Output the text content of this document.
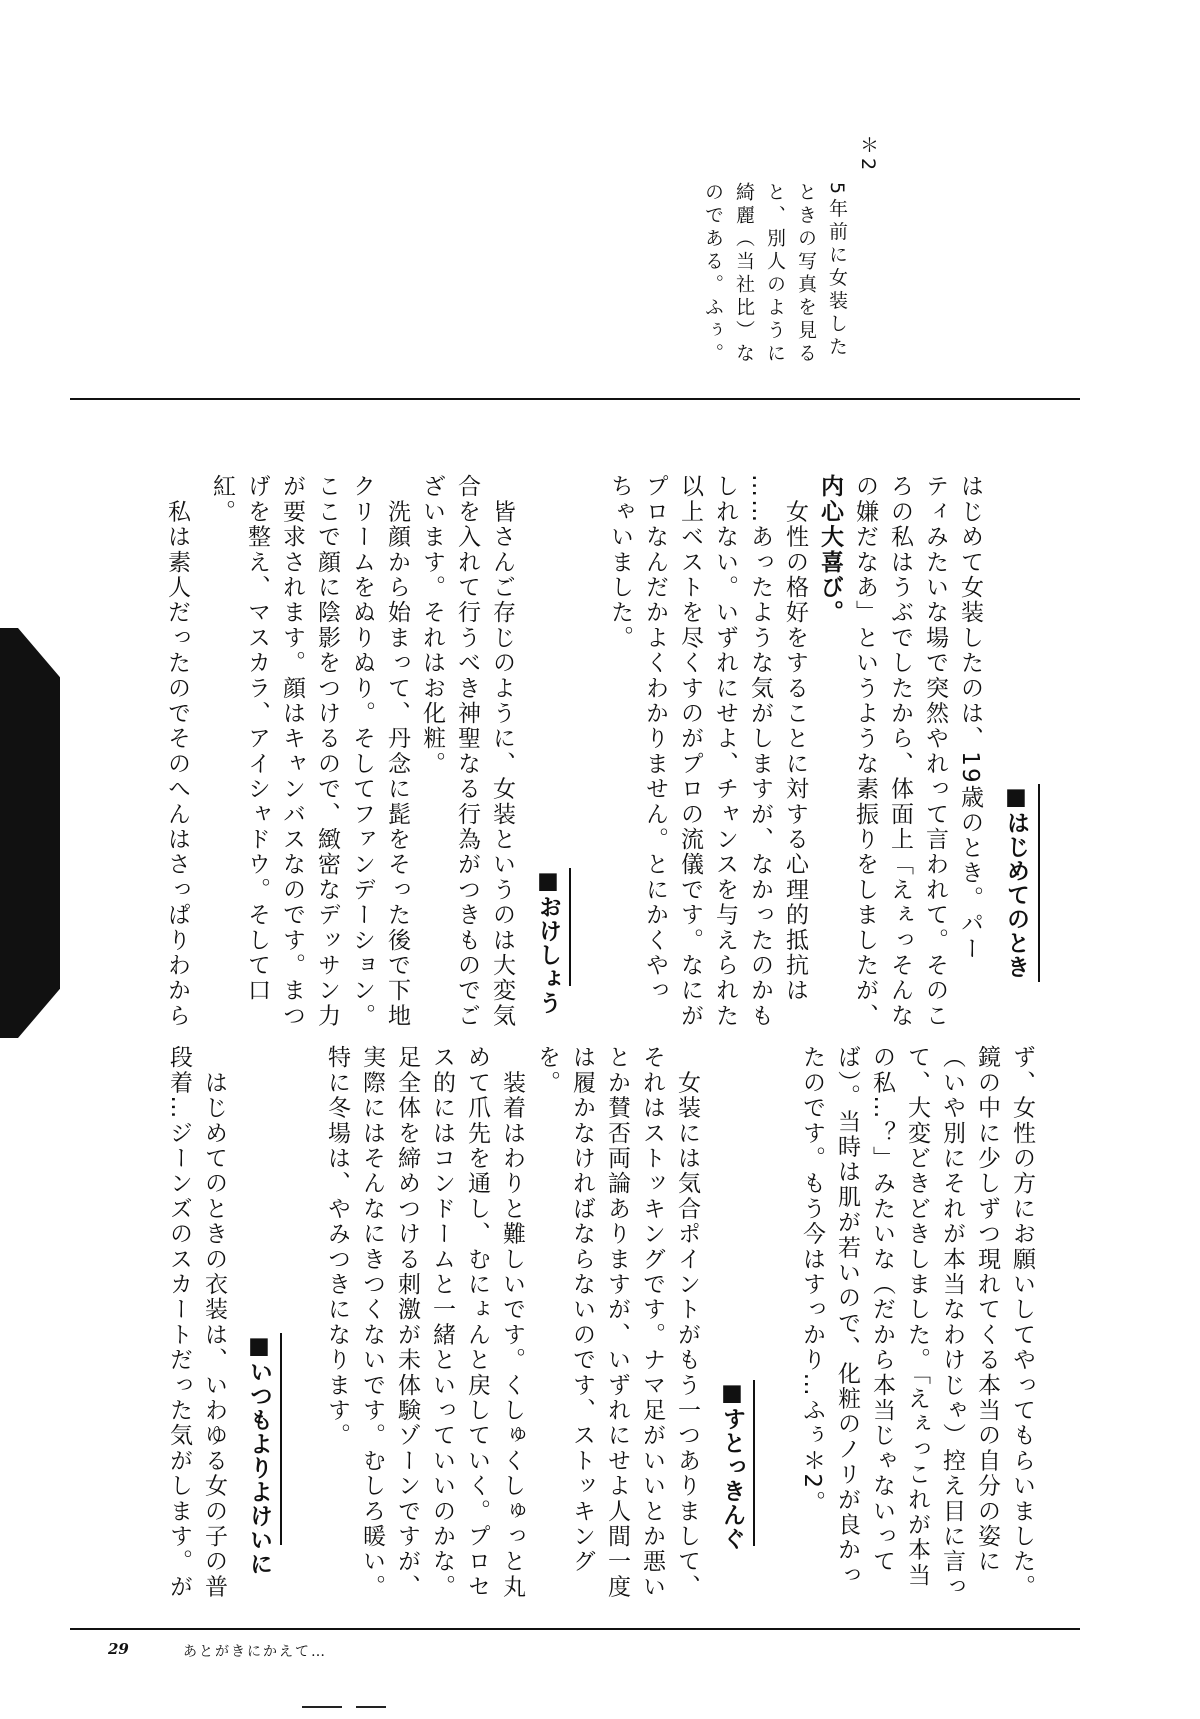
＊2
5年前に女装した
ときの写真を見る
と、別人のように
綺麗（当社比）な
のである。ふぅ。
■はじめてのとき
はじめて女装したのは、19歳のとき。パー
ティみたいな場で突然やれって言われて。そのこ
ろの私はうぶでしたから、体面上「えぇっそんな
の嫌だなあ」というような素振りをしましたが、
内心大喜び。
　女性の格好をすることに対する心理的抵抗は
……あったような気がしますが、なかったのかも
しれない。いずれにせよ、チャンスを与えられた
以上ベストを尽くすのがプロの流儀です。なにが
プロなんだかよくわかりません。とにかくやっ
ちゃいました。
■おけしょう
　皆さんご存じのように、女装というのは大変気
合を入れて行うべき神聖なる行為がつきものでご
ざいます。それはお化粧。
　洗顔から始まって、丹念に髭をそった後で下地
クリームをぬりぬり。そしてファンデーション。
ここで顔に陰影をつけるので、緻密なデッサン力
が要求されます。顔はキャンバスなのです。まつ
げを整え、マスカラ、アイシャドウ。そして口
紅。
　私は素人だったのでそのへんはさっぱりわから
ず、女性の方にお願いしてやってもらいました。
鏡の中に少しずつ現れてくる本当の自分の姿に
（いや別にそれが本当なわけじゃ）控え目に言っ
て、大変どきどきしました。「えぇっこれが本当
の私…？」みたいな（だから本当じゃないって
ば）。当時は肌が若いので、化粧のノリが良かっ
たのです。もう今はすっかり…ふぅ＊2。
■すとっきんぐ
　女装には気合ポイントがもう一つありまして、
それはストッキングです。ナマ足がいいとか悪い
とか賛否両論ありますが、いずれにせよ人間一度
は履かなければならないのです、ストッキング
を。
　装着はわりと難しいです。くしゅくしゅっと丸
めて爪先を通し、むにょんと戻していく。プロセ
ス的にはコンドームと一緒といっていいのかな。
足全体を締めつける刺激が未体験ゾーンですが、
実際にはそんなにきつくないです。むしろ暖い。
特に冬場は、やみつきになります。
■いつもよりよけいに
　はじめてのときの衣装は、いわゆる女の子の普
段着…ジーンズのスカートだった気がします。が
29	あとがきにかえて…
